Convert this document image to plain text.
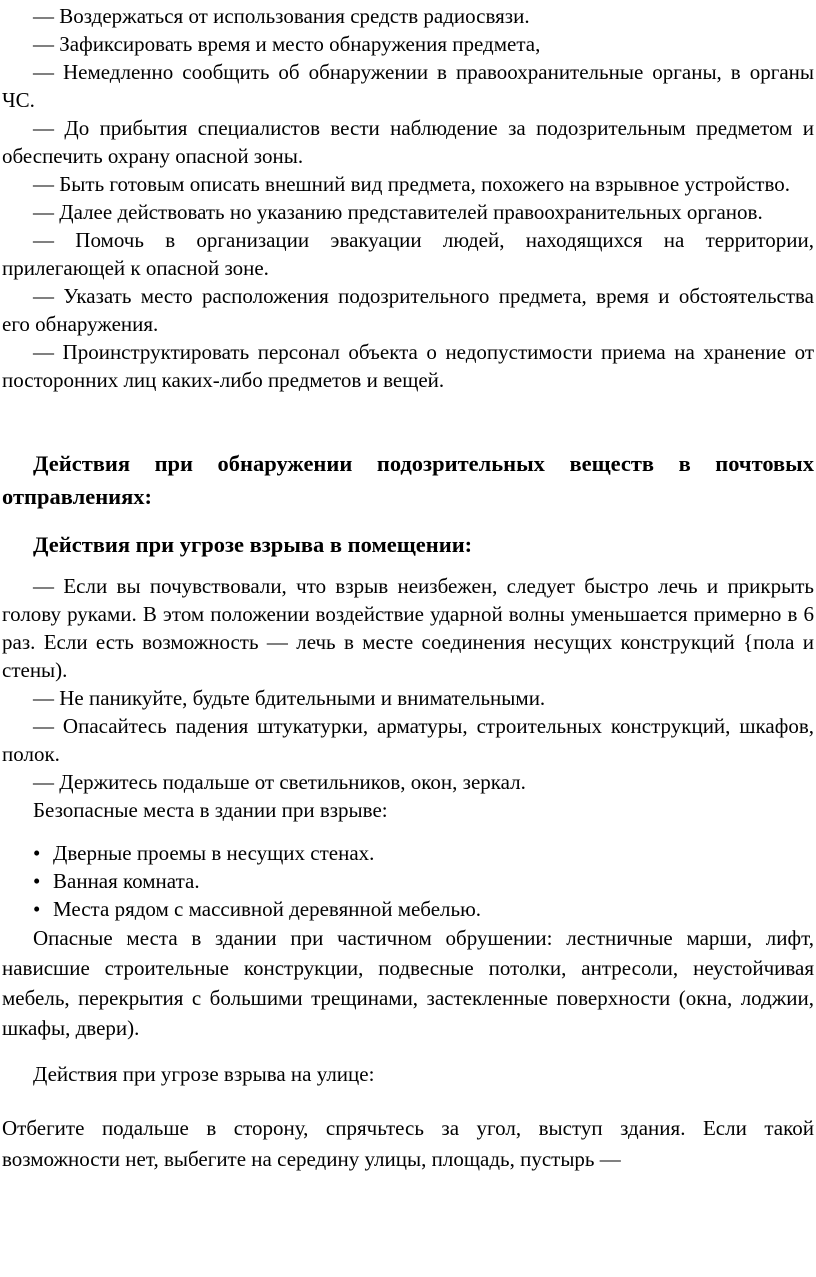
— Воздержаться от использования средств радиосвязи.

— Зафиксировать время и место обнаружения предмета,

— Немедленно сообщить об обнаружении в правоохранительные органы, в органы ЧС.

— До прибытия специалистов вести наблюдение за подозрительным предметом и обеспечить охрану опасной зоны.

— Быть готовым описать внешний вид предмета, похожего на взрывное устройство.

— Далее действовать но указанию представителей правоохранительных органов.

— Помочь в организации эвакуации людей, находящихся на территории, прилегающей к опасной зоне.

— Указать место расположения подозрительного предмета, время и обстоятельства его обнаружения.

— Проинструктировать персонал объекта о недопустимости приема на хранение от посторонних лиц каких-либо предметов и вещей.

Действия при обнаружении подозрительных веществ в почтовых отправлениях:
Действия при угрозе взрыва в помещении:

— Если вы почувствовали, что взрыв неизбежен, следует быстро лечь и прикрыть голову руками. В этом положении воздействие ударной волны уменьшается примерно в 6 раз. Если есть возможность — лечь в месте соединения несущих конструкций {пола и стены).

— Не паникуйте, будьте бдительными и внимательными.

— Опасайтесь падения штукатурки, арматуры, строительных конструкций, шкафов, полок.

— Держитесь подальше от светильников, окон, зеркал.

Безопасные места в здании при взрыве:

• Дверные проемы в несущих стенах.
• Ванная комната.
• Места рядом с массивной деревянной мебелью.

Опасные места в здании при частичном обрушении: лестничные марши, лифт, нависшие строительные конструкции, подвесные потолки, антресоли, неустойчивая мебель, перекрытия с большими трещинами, застекленные поверхности (окна, лоджии, шкафы, двери).

Действия при угрозе взрыва на улице:

Отбегите подальше в сторону, спрячьтесь за угол, выступ здания. Если такой возможности нет, выбегите на середину улицы, площадь, пустырь —
